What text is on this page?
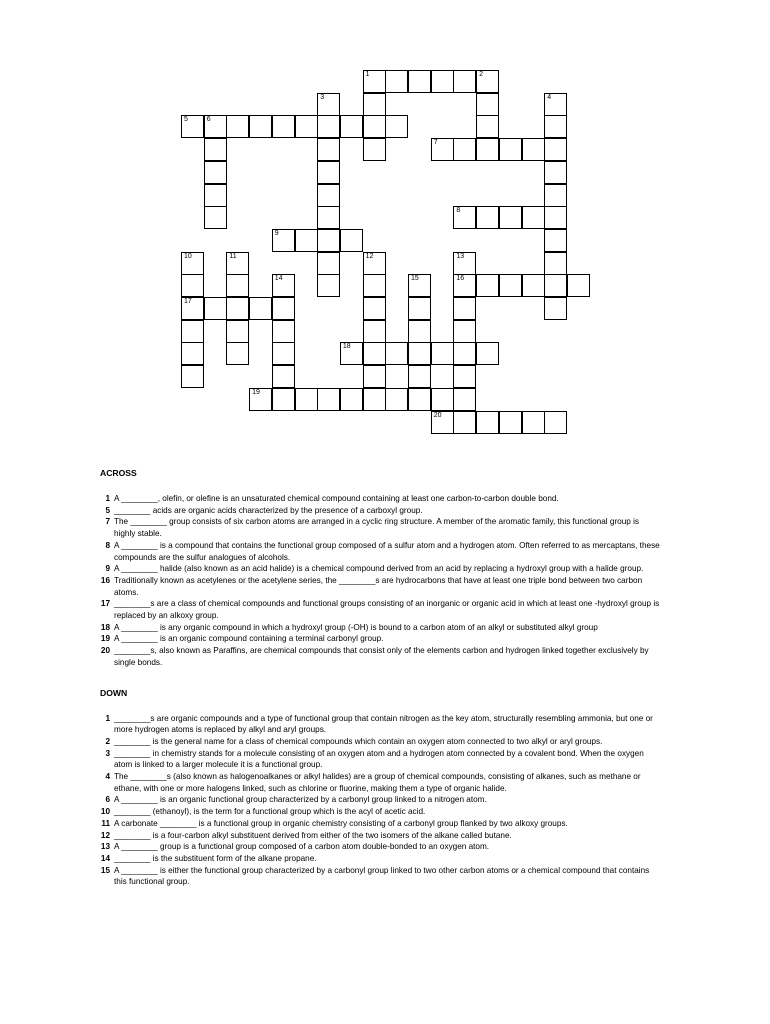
1	2
3	4
5	6
7
8
9
10
17
11	12	13
16
14	15
18
19
20
ACROSS
1 A ________, olefin, or olefine is an unsaturated chemical compound containing at least one carbon-to-carbon double bond.
5 ________ acids are organic acids characterized by the presence of a carboxyl group.
7 The ________ group consists of six carbon atoms are arranged in a cyclic ring structure. A member of the aromatic family, this functional group is highly stable.
8 A ________ is a compound that contains the functional group composed of a sulfur atom and a hydrogen atom. Often referred to as mercaptans, these compounds are the sulfur analogues of alcohols.
9 A ________ halide (also known as an acid halide) is a chemical compound derived from an acid by replacing a hydroxyl group with a halide group.
16 Traditionally known as acetylenes or the acetylene series, the ________s are hydrocarbons that have at least one triple bond between two carbon atoms.
17 ________s are a class of chemical compounds and functional groups consisting of an inorganic or organic acid in which at least one -hydroxyl group is replaced by an alkoxy group.
18 A ________ is any organic compound in which a hydroxyl group (-OH) is bound to a carbon atom of an alkyl or substituted alkyl group
19 A ________ is an organic compound containing a terminal carbonyl group.
20 ________s, also known as Paraffins, are chemical compounds that consist only of the elements carbon and hydrogen linked together exclusively by single bonds.
DOWN
1 ________s are organic compounds and a type of functional group that contain nitrogen as the key atom, structurally resembling ammonia, but one or more hydrogen atoms is replaced by alkyl and aryl groups.
2 ________ is the general name for a class of chemical compounds which contain an oxygen atom connected to two alkyl or aryl groups.
3 ________ in chemistry stands for a molecule consisting of an oxygen atom and a hydrogen atom connected by a covalent bond. When the oxygen atom is linked to a larger molecule it is a functional group.
4 The ________s (also known as halogenoalkanes or alkyl halides) are a group of chemical compounds, consisting of alkanes, such as methane or ethane, with one or more halogens linked, such as chlorine or fluorine, making them a type of organic halide.
6 A ________ is an organic functional group characterized by a carbonyl group linked to a nitrogen atom.
10 ________ (ethanoyl), is the term for a functional group which is the acyl of acetic acid.
11 A carbonate ________ is a functional group in organic chemistry consisting of a carbonyl group flanked by two alkoxy groups.
12 ________ is a four-carbon alkyl substituent derived from either of the two isomers of the alkane called butane.
13 A ________ group is a functional group composed of a carbon atom double-bonded to an oxygen atom.
14 ________ is the substituent form of the alkane propane.
15 A ________ is either the functional group characterized by a carbonyl group linked to two other carbon atoms or a chemical compound that contains this functional group.
